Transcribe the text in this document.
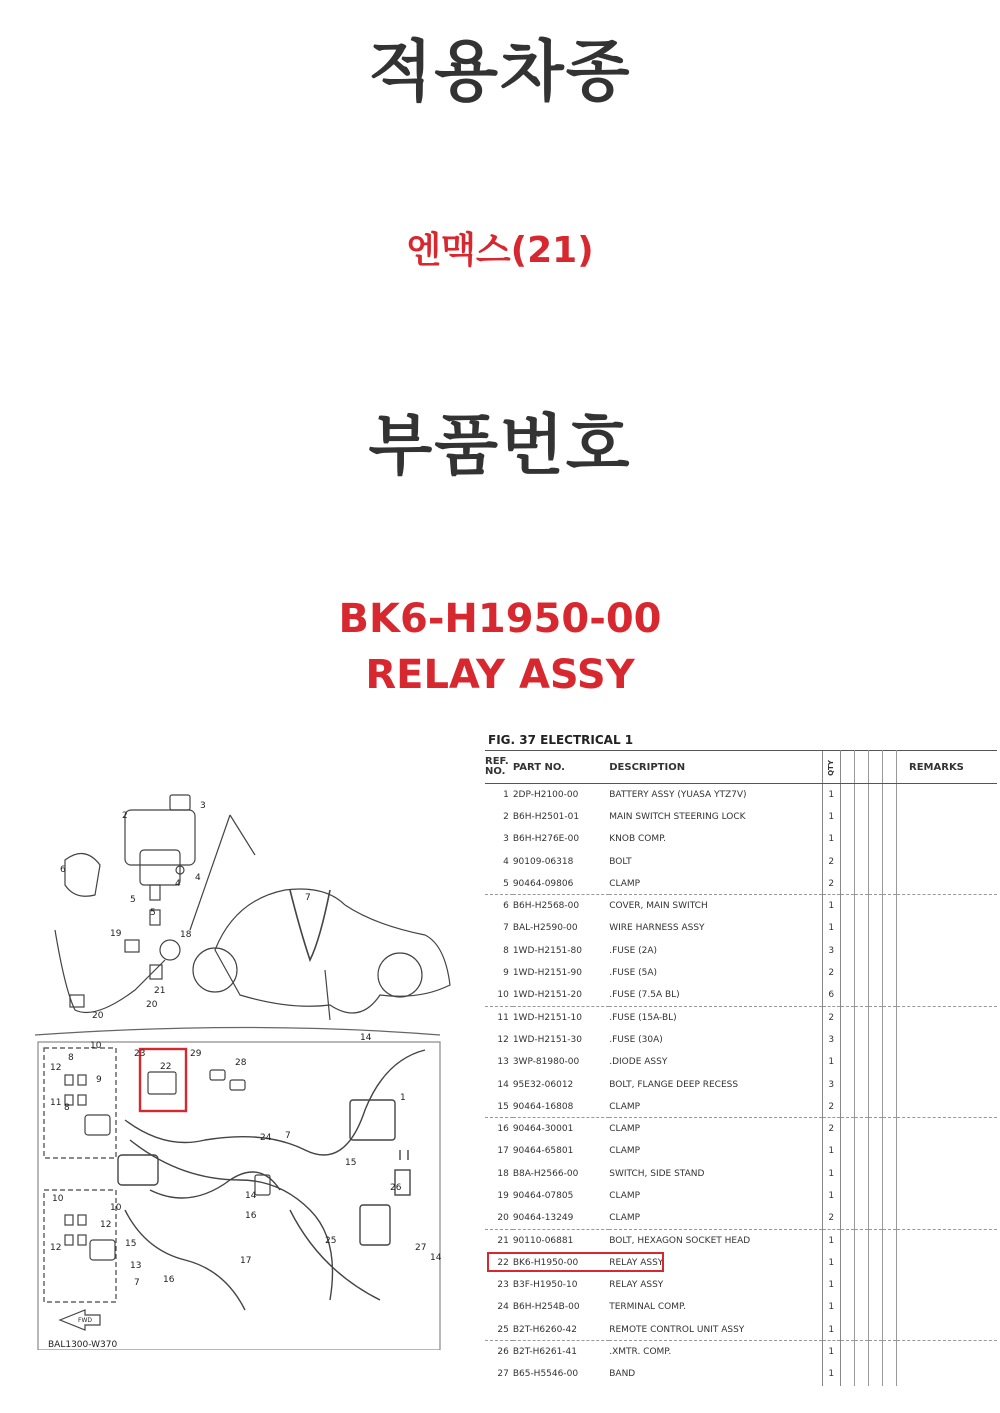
적용차종
엔맥스(21)
부품번호
BK6-H1950-00
RELAY ASSY
3
2
6
4
4
5
5
7
19	18
21
20
20
14
10
8
12
9
11 8
22
23	29
28
1
24 7
15
14
16
26
25
27
14
17
15
13
16
7
10
10
12
12
BAL1300-W370
FWD
FIG. 37 ELECTRICAL 1
REF. NO.	PART NO.	DESCRIPTION	QTY					REMARKS
1	2DP-H2100-00	BATTERY ASSY (YUASA YTZ7V)	1					
2	B6H-H2501-01	MAIN SWITCH STEERING LOCK	1					
3	B6H-H276E-00	KNOB COMP.	1					
4	90109-06318	BOLT	2					
5	90464-09806	CLAMP	2					
6	B6H-H2568-00	COVER, MAIN SWITCH	1					
7	BAL-H2590-00	WIRE HARNESS ASSY	1					
8	1WD-H2151-80	.FUSE (2A)	3					
9	1WD-H2151-90	.FUSE (5A)	2					
10	1WD-H2151-20	.FUSE (7.5A BL)	6					
11	1WD-H2151-10	.FUSE (15A-BL)	2					
12	1WD-H2151-30	.FUSE (30A)	3					
13	3WP-81980-00	.DIODE ASSY	1					
14	95E32-06012	BOLT, FLANGE DEEP RECESS	3					
15	90464-16808	CLAMP	2					
16	90464-30001	CLAMP	2					
17	90464-65801	CLAMP	1					
18	B8A-H2566-00	SWITCH, SIDE STAND	1					
19	90464-07805	CLAMP	1					
20	90464-13249	CLAMP	2					
21	90110-06881	BOLT, HEXAGON SOCKET HEAD	1					
22	BK6-H1950-00	RELAY ASSY	1					
23	B3F-H1950-10	RELAY ASSY	1					
24	B6H-H254B-00	TERMINAL COMP.	1					
25	B2T-H6260-42	REMOTE CONTROL UNIT ASSY	1					
26	B2T-H6261-41	.XMTR. COMP.	1					
27	B65-H5546-00	BAND	1					
